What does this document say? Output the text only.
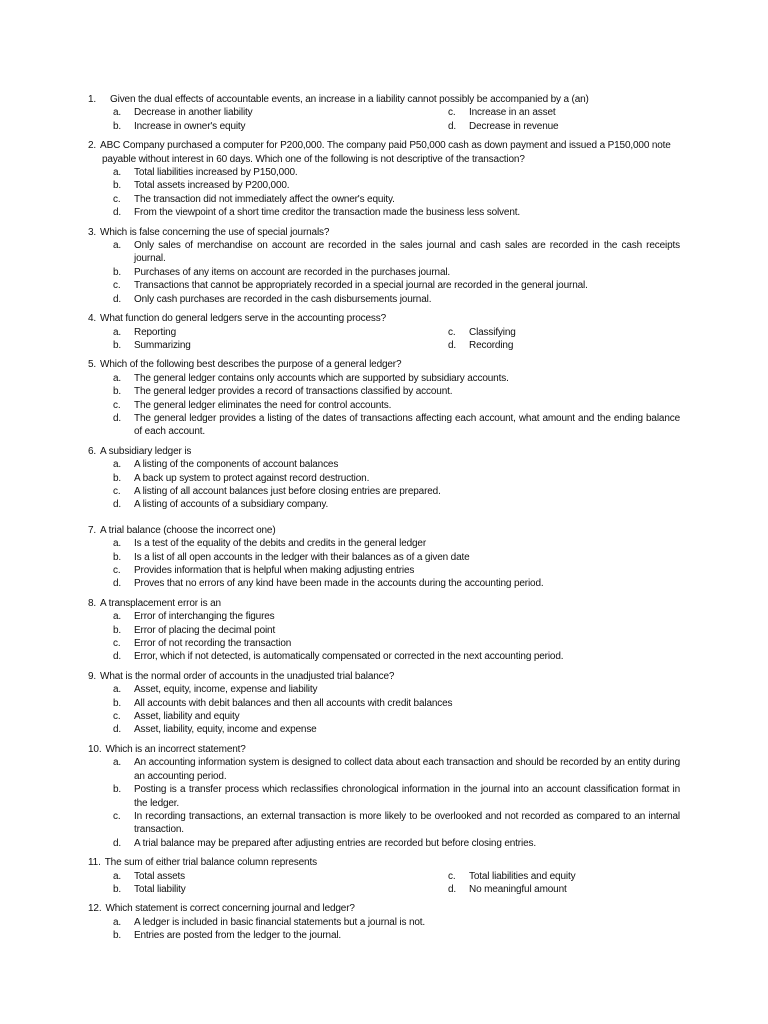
1.	Given the dual effects of accountable events, an increase in a liability cannot possibly be accompanied by a (an)
a.	Decrease in another liability	c.	Increase in an asset
b.	Increase in owner's equity	d.	Decrease in revenue
2. ABC Company purchased a computer for P200,000. The company paid P50,000 cash as down payment and issued a P150,000 note
payable without interest in 60 days. Which one of the following is not descriptive of the transaction?
a.	Total liabilities increased by P150,000.
b.	Total assets increased by P200,000.
c.	The transaction did not immediately affect the owner's equity.
d.	From the viewpoint of a short time creditor the transaction made the business less solvent.
3. Which is false concerning the use of special journals?
a.	Only sales of merchandise on account are recorded in the sales journal and cash sales are recorded in the cash receipts journal.
b.	Purchases of any items on account are recorded in the purchases journal.
c.	Transactions that cannot be appropriately recorded in a special journal are recorded in the general journal.
d.	Only cash purchases are recorded in the cash disbursements journal.
4. What function do general ledgers serve in the accounting process?
a.	Reporting	c.	Classifying
b.	Summarizing	d.	Recording
5. Which of the following best describes the purpose of a general ledger?
a.	The general ledger contains only accounts which are supported by subsidiary accounts.
b.	The general ledger provides a record of transactions classified by account.
c.	The general ledger eliminates the need for control accounts.
d.	The general ledger provides a listing of the dates of transactions affecting each account, what amount and the ending balance of each account.
6. A subsidiary ledger is
a.	A listing of the components of account balances
b.	A back up system to protect against record destruction.
c.	A listing of all account balances just before closing entries are prepared.
d.	A listing of accounts of a subsidiary company.
7. A trial balance (choose the incorrect one)
a.	Is a test of the equality of the debits and credits in the general ledger
b.	Is a list of all open accounts in the ledger with their balances as of a given date
c.	Provides information that is helpful when making adjusting entries
d.	Proves that no errors of any kind have been made in the accounts during the accounting period.
8. A transplacement error is an
a.	Error of interchanging the figures
b.	Error of placing the decimal point
c.	Error of not recording the transaction
d.	Error, which if not detected, is automatically compensated or corrected in the next accounting period.
9. What is the normal order of accounts in the unadjusted trial balance?
a.	Asset, equity, income, expense and liability
b.	All accounts with debit balances and then all accounts with credit balances
c.	Asset, liability and equity
d.	Asset, liability, equity, income and expense
10. Which is an incorrect statement?
a.	An accounting information system is designed to collect data about each transaction and should be recorded by an entity during an accounting period.
b.	Posting is a transfer process which reclassifies chronological information in the journal into an account classification format in the ledger.
c.	In recording transactions, an external transaction is more likely to be overlooked and not recorded as compared to an internal transaction.
d.	A trial balance may be prepared after adjusting entries are recorded but before closing entries.
11. The sum of either trial balance column represents
a.	Total assets	c.	Total liabilities and equity
b.	Total liability	d.	No meaningful amount
12. Which statement is correct concerning journal and ledger?
a.	A ledger is included in basic financial statements but a journal is not.
b.	Entries are posted from the ledger to the journal.
